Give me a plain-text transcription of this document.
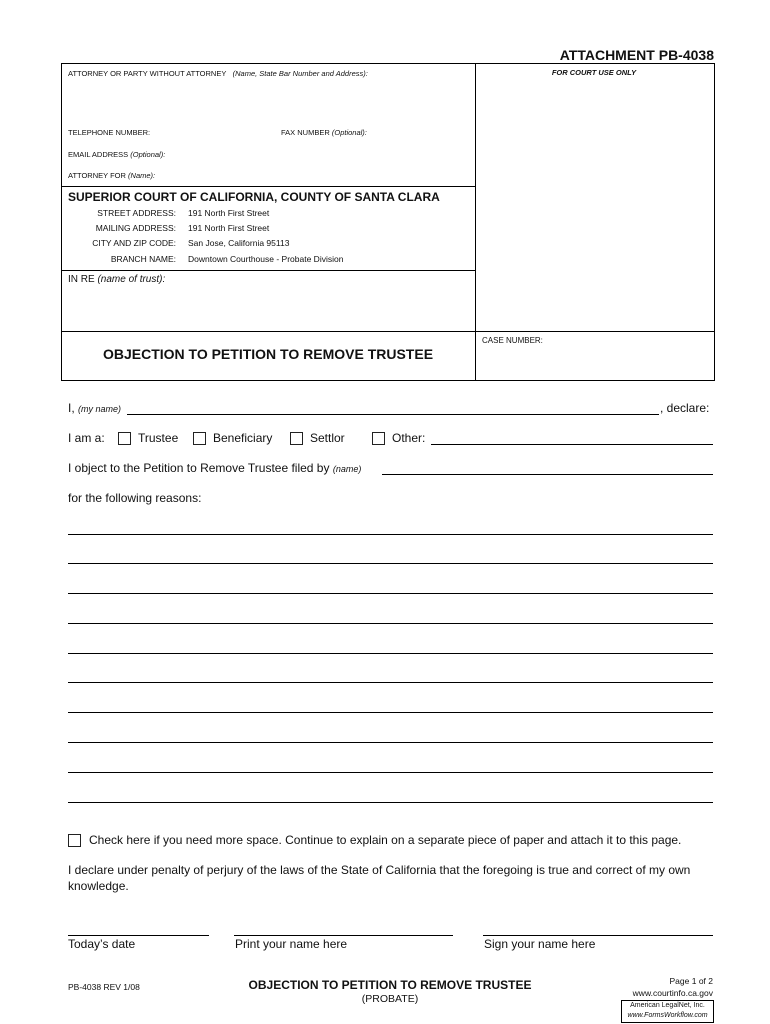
ATTACHMENT PB-4038
FOR COURT USE ONLY
ATTORNEY OR PARTY WITHOUT ATTORNEY (Name, State Bar Number and Address):
TELEPHONE NUMBER:	FAX NUMBER (Optional):
EMAIL ADDRESS (Optional):
ATTORNEY FOR (Name):
SUPERIOR COURT OF CALIFORNIA, COUNTY OF SANTA CLARA
STREET ADDRESS: 191 North First Street
MAILING ADDRESS: 191 North First Street
CITY AND ZIP CODE: San Jose, California 95113
BRANCH NAME: Downtown Courthouse - Probate Division
IN RE (name of trust):
CASE NUMBER:
OBJECTION TO PETITION TO REMOVE TRUSTEE
I, (my name)	, declare:
I am a:	Trustee	Beneficiary	Settlor	Other:
I object to the Petition to Remove Trustee filed by (name)
for the following reasons:
Check here if you need more space. Continue to explain on a separate piece of paper and attach it to this page.
I declare under penalty of perjury of the laws of the State of California that the foregoing is true and correct of my own knowledge.
Today’s date	Print your name here	Sign your name here
PB-4038 REV 1/08	OBJECTION TO PETITION TO REMOVE TRUSTEE
(PROBATE)
Page 1 of 2
www.courtinfo.ca.gov
American LegalNet, Inc.
www.FormsWorkflow.com
